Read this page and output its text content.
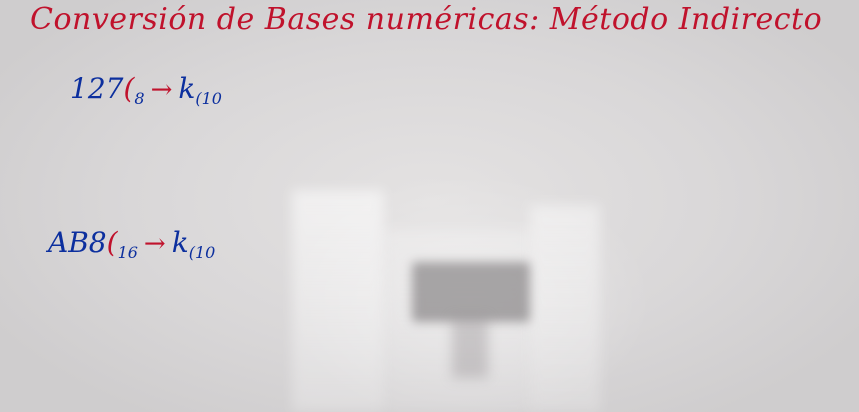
Conversión de Bases numéricas: Método Indirecto
$127(_8 \to k_{(10}$
$AB8(_{16} \to k_{(10}$
